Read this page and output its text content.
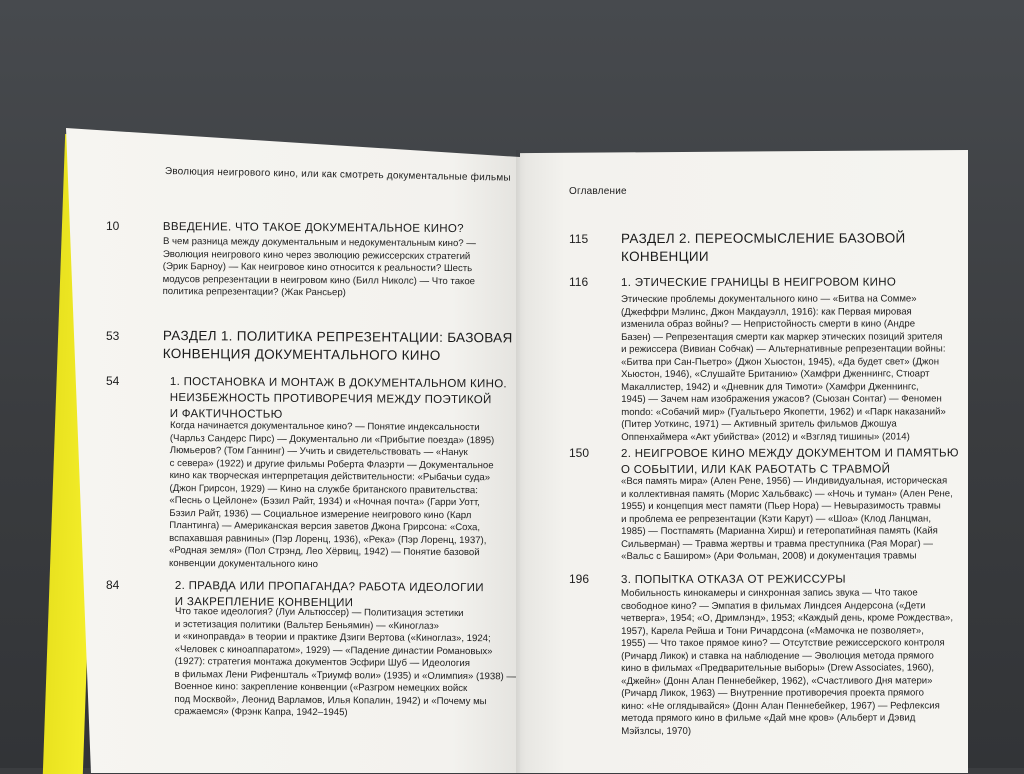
Эволюция неигрового кино, или как смотреть документальные фильмы
10	ВВЕДЕНИЕ. ЧТО ТАКОЕ ДОКУМЕНТАЛЬНОЕ КИНО?
В чем разница между документальным и недокументальным кино? —
Эволюция неигрового кино через эволюцию режиссерских стратегий
(Эрик Барноу) — Как неигровое кино относится к реальности? Шесть
модусов репрезентации в неигровом кино (Билл Николс) — Что такое
политика репрезентации? (Жак Рансьер)
53	РАЗДЕЛ 1. ПОЛИТИКА РЕПРЕЗЕНТАЦИИ: БАЗОВАЯ
КОНВЕНЦИЯ ДОКУМЕНТАЛЬНОГО КИНО
54	1. ПОСТАНОВКА И МОНТАЖ В ДОКУМЕНТАЛЬНОМ КИНО.
НЕИЗБЕЖНОСТЬ ПРОТИВОРЕЧИЯ МЕЖДУ ПОЭТИКОЙ
И ФАКТИЧНОСТЬЮ
Когда начинается документальное кино? — Понятие индексальности
(Чарльз Сандерс Пирс) — Документально ли «Прибытие поезда» (1895)
Люмьеров? (Том Ганнинг) — Учить и свидетельствовать — «Нанук
с севера» (1922) и другие фильмы Роберта Флаэрти — Документальное
кино как творческая интерпретация действительности: «Рыбачьи суда»
(Джон Грирсон, 1929) — Кино на службе британского правительства:
«Песнь о Цейлоне» (Бэзил Райт, 1934) и «Ночная почта» (Гарри Уотт,
Бэзил Райт, 1936) — Социальное измерение неигрового кино (Карл
Плантинга) — Американская версия заветов Джона Грирсона: «Соха,
вспахавшая равнины» (Пэр Лоренц, 1936), «Река» (Пэр Лоренц, 1937),
«Родная земля» (Пол Стрэнд, Лео Хёрвиц, 1942) — Понятие базовой
конвенции документального кино
84	2. ПРАВДА ИЛИ ПРОПАГАНДА? РАБОТА ИДЕОЛОГИИ
И ЗАКРЕПЛЕНИЕ КОНВЕНЦИИ
Что такое идеология? (Луи Альтюссер) — Политизация эстетики
и эстетизация политики (Вальтер Беньямин) — «Киноглаз»
и «киноправда» в теории и практике Дзиги Вертова («Киноглаз», 1924;
«Человек с киноаппаратом», 1929) — «Падение династии Романовых»
(1927): стратегия монтажа документов Эсфири Шуб — Идеология
в фильмах Лени Рифеншталь «Триумф воли» (1935) и «Олимпия» (1938) —
Военное кино: закрепление конвенции («Разгром немецких войск
под Москвой», Леонид Варламов, Илья Копалин, 1942) и «Почему мы
сражаемся» (Фрэнк Капра, 1942–1945)
Оглавление
115 РАЗДЕЛ 2. ПЕРЕОСМЫСЛЕНИЕ БАЗОВОЙ
КОНВЕНЦИИ
116	1. ЭТИЧЕСКИЕ ГРАНИЦЫ В НЕИГРОВОМ КИНО
Этические проблемы документального кино — «Битва на Сомме»
(Джеффри Мэлинс, Джон Макдауэлл, 1916): как Первая мировая
изменила образ войны? — Непристойность смерти в кино (Андре
Базен) — Репрезентация смерти как маркер этических позиций зрителя
и режиссера (Вивиан Собчак) — Альтернативные репрезентации войны:
«Битва при Сан-Пьетро» (Джон Хьюстон, 1945), «Да будет свет» (Джон
Хьюстон, 1946), «Слушайте Британию» (Хамфри Дженнингс, Стюарт
Макаллистер, 1942) и «Дневник для Тимоти» (Хамфри Дженнингс,
1945) — Зачем нам изображения ужасов? (Сьюзан Сонтаг) — Феномен
mondo: «Собачий мир» (Гуальтьеро Якопетти, 1962) и «Парк наказаний»
(Питер Уоткинс, 1971) — Активный зритель фильмов Джошуа
Оппенхаймера «Акт убийства» (2012) и «Взгляд тишины» (2014)
150	2. НЕИГРОВОЕ КИНО МЕЖДУ ДОКУМЕНТОМ И ПАМЯТЬЮ
О СОБЫТИИ, ИЛИ КАК РАБОТАТЬ С ТРАВМОЙ
«Вся память мира» (Ален Рене, 1956) — Индивидуальная, историческая
и коллективная память (Морис Хальбвакс) — «Ночь и туман» (Ален Рене,
1955) и концепция мест памяти (Пьер Нора) — Невыразимость травмы
и проблема ее репрезентации (Кэти Карут) — «Шоа» (Клод Ланцман,
1985) — Постпамять (Марианна Хирш) и гетеропатийная память (Кайя
Сильверман) — Травма жертвы и травма преступника (Рая Мораг) —
«Вальс с Баширом» (Ари Фольман, 2008) и документация травмы
196	3. ПОПЫТКА ОТКАЗА ОТ РЕЖИССУРЫ
Мобильность кинокамеры и синхронная запись звука — Что такое
свободное кино? — Эмпатия в фильмах Линдсея Андерсона («Дети
четверга», 1954; «О, Дримлэнд», 1953; «Каждый день, кроме Рождества»,
1957), Карела Рейша и Тони Ричардсона («Мамочка не позволяет»,
1955) — Что такое прямое кино? — Отсутствие режиссерского контроля
(Ричард Ликок) и ставка на наблюдение — Эволюция метода прямого
кино в фильмах «Предварительные выборы» (Drew Associates, 1960),
«Джейн» (Донн Алан Пеннебейкер, 1962), «Счастливого Дня матери»
(Ричард Ликок, 1963) — Внутренние противоречия проекта прямого
кино: «Не оглядывайся» (Донн Алан Пеннебейкер, 1967) — Рефлексия
метода прямого кино в фильме «Дай мне кров» (Альберт и Дэвид
Мэйзлсы, 1970)
